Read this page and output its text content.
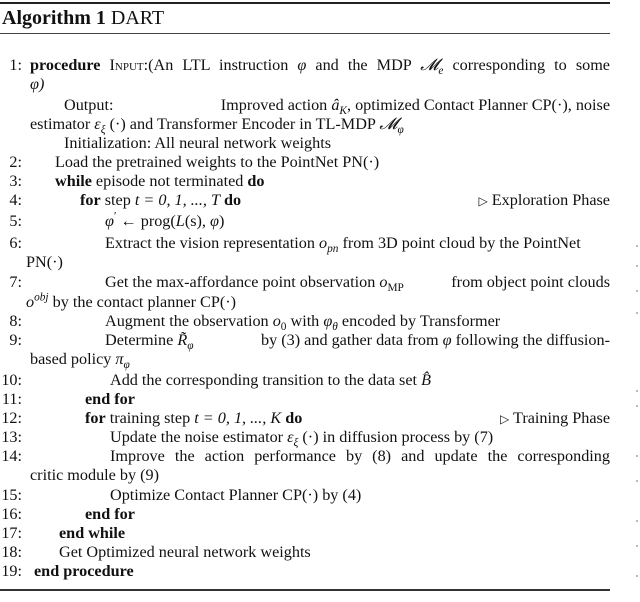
Algorithm 1 DART
1: procedure Input:(An LTL instruction φ and the MDP 𝓜$_e$ corresponding to some
φ)
Output:	Improved action $â_K$, optimized Contact Planner CP(·), noise
estimator $\varepsilon_\xi$ (·) and Transformer Encoder in TL-MDP 𝓜$_\varphi$
Initialization: All neural network weights
2: Load the pretrained weights to the PointNet PN(·)
3: while episode not terminated do
4:	for step t = 0, 1, ..., T do	▷ Exploration Phase
5:	φ′ ← prog(L(s), φ)
6:	Extract the vision representation $o_{pn}$ from 3D point cloud by the PointNet
PN(·)
7:	Get the max-affordance point observation $o_{MP}$	from object point clouds
$o^{obj}$ by the contact planner CP(·)
8:	Augment the observation $o_0$ with $\varphi_\theta$ encoded by Transformer
9:	Determine $R̃_\varphi$	by (3) and gather data from φ following the diffusion-
based policy $\pi_\varphi$
10:	Add the corresponding transition to the data set B̂
11:	end for
12:	for training step t = 0, 1, ..., K do	▷ Training Phase
13:	Update the noise estimator $\varepsilon_\xi$ (·) in diffusion process by (7)
14:	Improve the action performance by (8) and update the corresponding
critic module by (9)
15:	Optimize Contact Planner CP(·) by (4)
16:	end for
17: end while
18: Get Optimized neural network weights
19: end procedure
